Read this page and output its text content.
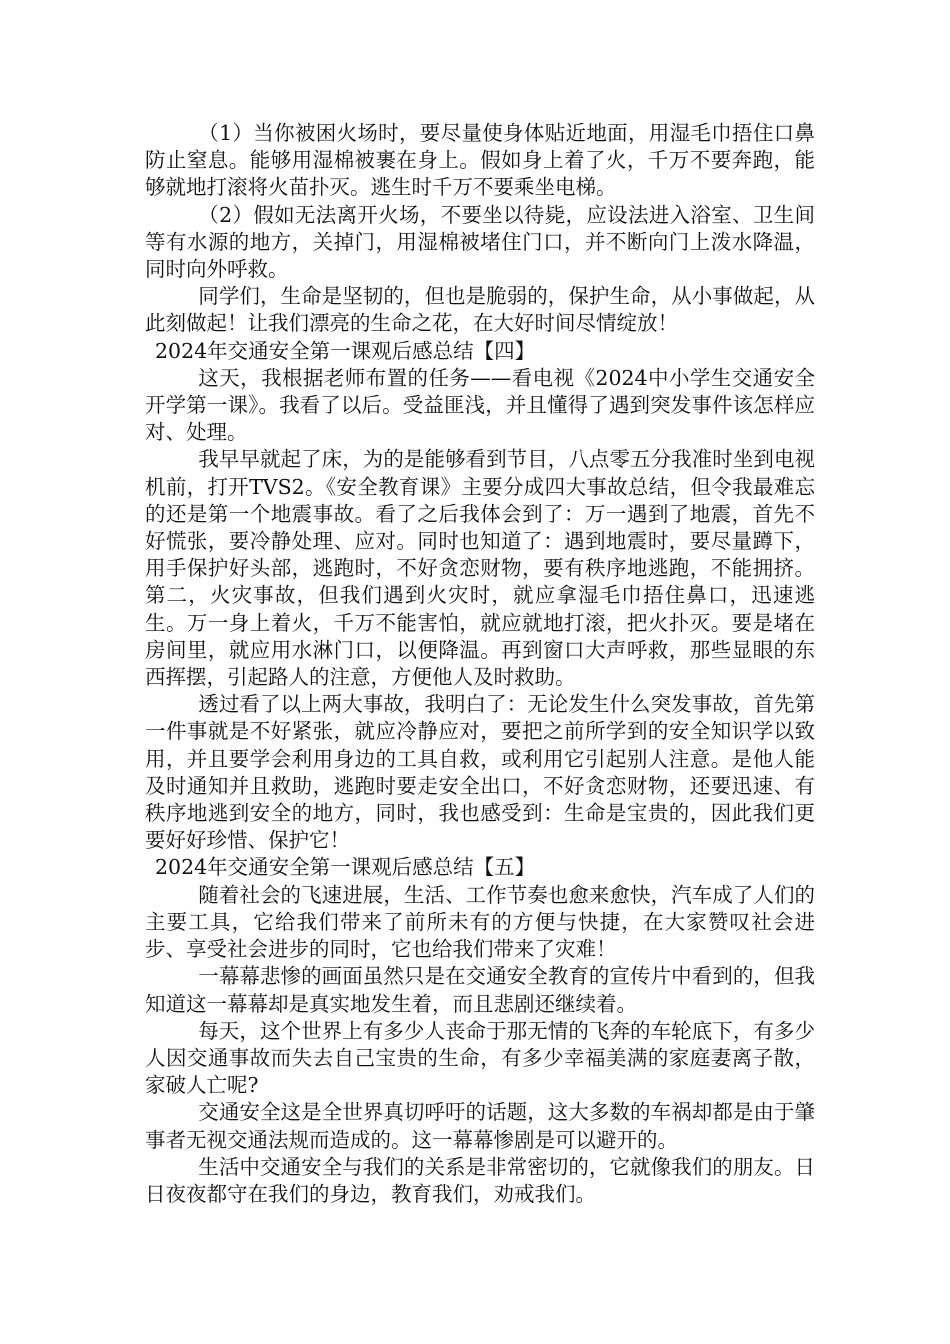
（1）当你被困火场时，要尽量使身体贴近地面，用湿毛巾捂住口鼻防止窒息。能够用湿棉被裹在身上。假如身上着了火，千万不要奔跑，能够就地打滚将火苗扑灭。逃生时千万不要乘坐电梯。

（2）假如无法离开火场，不要坐以待毙，应设法进入浴室、卫生间等有水源的地方，关掉门，用湿棉被堵住门口，并不断向门上泼水降温，同时向外呼救。

同学们，生命是坚韧的，但也是脆弱的，保护生命，从小事做起，从此刻做起！让我们漂亮的生命之花，在大好时间尽情绽放！

2024年交通安全第一课观后感总结【四】

这天，我根据老师布置的任务——看电视《2024中小学生交通安全开学第一课》。我看了以后。受益匪浅，并且懂得了遇到突发事件该怎样应对、处理。

我早早就起了床，为的是能够看到节目，八点零五分我准时坐到电视机前，打开TVS2。《安全教育课》主要分成四大事故总结，但令我最难忘的还是第一个地震事故。看了之后我体会到了：万一遇到了地震，首先不好慌张，要冷静处理、应对。同时也知道了：遇到地震时，要尽量蹲下，用手保护好头部，逃跑时，不好贪恋财物，要有秩序地逃跑，不能拥挤。第二，火灾事故，但我们遇到火灾时，就应拿湿毛巾捂住鼻口，迅速逃生。万一身上着火，千万不能害怕，就应就地打滚，把火扑灭。要是堵在房间里，就应用水淋门口，以便降温。再到窗口大声呼救，那些显眼的东西挥摆，引起路人的注意，方便他人及时救助。

透过看了以上两大事故，我明白了：无论发生什么突发事故，首先第一件事就是不好紧张，就应冷静应对，要把之前所学到的安全知识学以致用，并且要学会利用身边的工具自救，或利用它引起别人注意。是他人能及时通知并且救助，逃跑时要走安全出口，不好贪恋财物，还要迅速、有秩序地逃到安全的地方，同时，我也感受到：生命是宝贵的，因此我们更要好好珍惜、保护它！

2024年交通安全第一课观后感总结【五】

随着社会的飞速进展，生活、工作节奏也愈来愈快，汽车成了人们的主要工具，它给我们带来了前所未有的方便与快捷，在大家赞叹社会进步、享受社会进步的同时，它也给我们带来了灾难！

一幕幕悲惨的画面虽然只是在交通安全教育的宣传片中看到的，但我知道这一幕幕却是真实地发生着，而且悲剧还继续着。

每天，这个世界上有多少人丧命于那无情的飞奔的车轮底下，有多少人因交通事故而失去自己宝贵的生命，有多少幸福美满的家庭妻离子散，家破人亡呢?

交通安全这是全世界真切呼吁的话题，这大多数的车祸却都是由于肇事者无视交通法规而造成的。这一幕幕惨剧是可以避开的。

生活中交通安全与我们的关系是非常密切的，它就像我们的朋友。日日夜夜都守在我们的身边，教育我们，劝戒我们。
